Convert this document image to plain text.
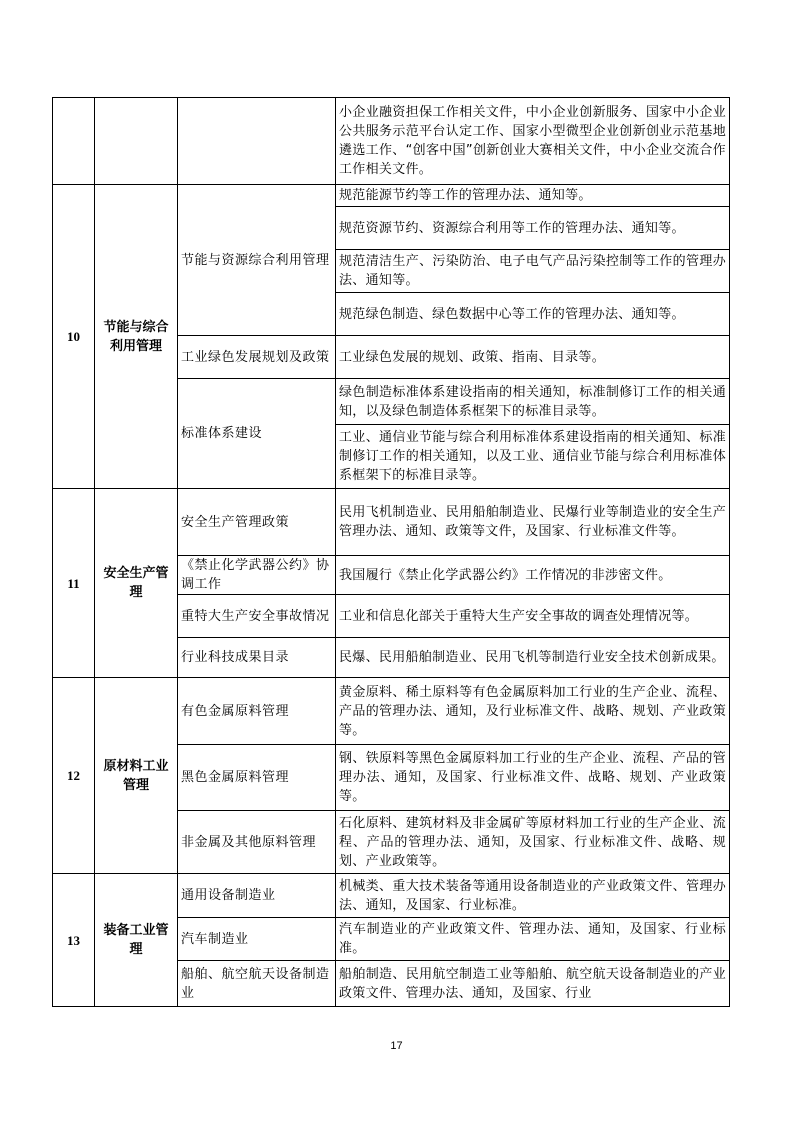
			小企业融资担保工作相关文件，中小企业创新服务、国家中小企业公共服务示范平台认定工作、国家小型微型企业创新创业示范基地遴选工作、“创客中国”创新创业大赛相关文件，中小企业交流合作工作相关文件。
10	节能与综合利用管理	节能与资源综合利用管理	规范能源节约等工作的管理办法、通知等。
			规范资源节约、资源综合利用等工作的管理办法、通知等。
			规范清洁生产、污染防治、电子电气产品污染控制等工作的管理办法、通知等。
			规范绿色制造、绿色数据中心等工作的管理办法、通知等。
		工业绿色发展规划及政策	工业绿色发展的规划、政策、指南、目录等。
		标准体系建设	绿色制造标准体系建设指南的相关通知，标准制修订工作的相关通知，以及绿色制造体系框架下的标准目录等。
			工业、通信业节能与综合利用标准体系建设指南的相关通知、标准制修订工作的相关通知，以及工业、通信业节能与综合利用标准体系框架下的标准目录等。
11	安全生产管理	安全生产管理政策	民用飞机制造业、民用船舶制造业、民爆行业等制造业的安全生产管理办法、通知、政策等文件，及国家、行业标准文件等。
		《禁止化学武器公约》协调工作	我国履行《禁止化学武器公约》工作情况的非涉密文件。
		重特大生产安全事故情况	工业和信息化部关于重特大生产安全事故的调查处理情况等。
		行业科技成果目录	民爆、民用船舶制造业、民用飞机等制造行业安全技术创新成果。
12	原材料工业管理	有色金属原料管理	黄金原料、稀土原料等有色金属原料加工行业的生产企业、流程、产品的管理办法、通知，及行业标准文件、战略、规划、产业政策等。
		黑色金属原料管理	钢、铁原料等黑色金属原料加工行业的生产企业、流程、产品的管理办法、通知，及国家、行业标准文件、战略、规划、产业政策等。
		非金属及其他原料管理	石化原料、建筑材料及非金属矿等原材料加工行业的生产企业、流程、产品的管理办法、通知，及国家、行业标准文件、战略、规划、产业政策等。
13	装备工业管理	通用设备制造业	机械类、重大技术装备等通用设备制造业的产业政策文件、管理办法、通知，及国家、行业标准。
		汽车制造业	汽车制造业的产业政策文件、管理办法、通知，及国家、行业标准。
		船舶、航空航天设备制造业	船舶制造、民用航空制造工业等船舶、航空航天设备制造业的产业政策文件、管理办法、通知，及国家、行业
17
